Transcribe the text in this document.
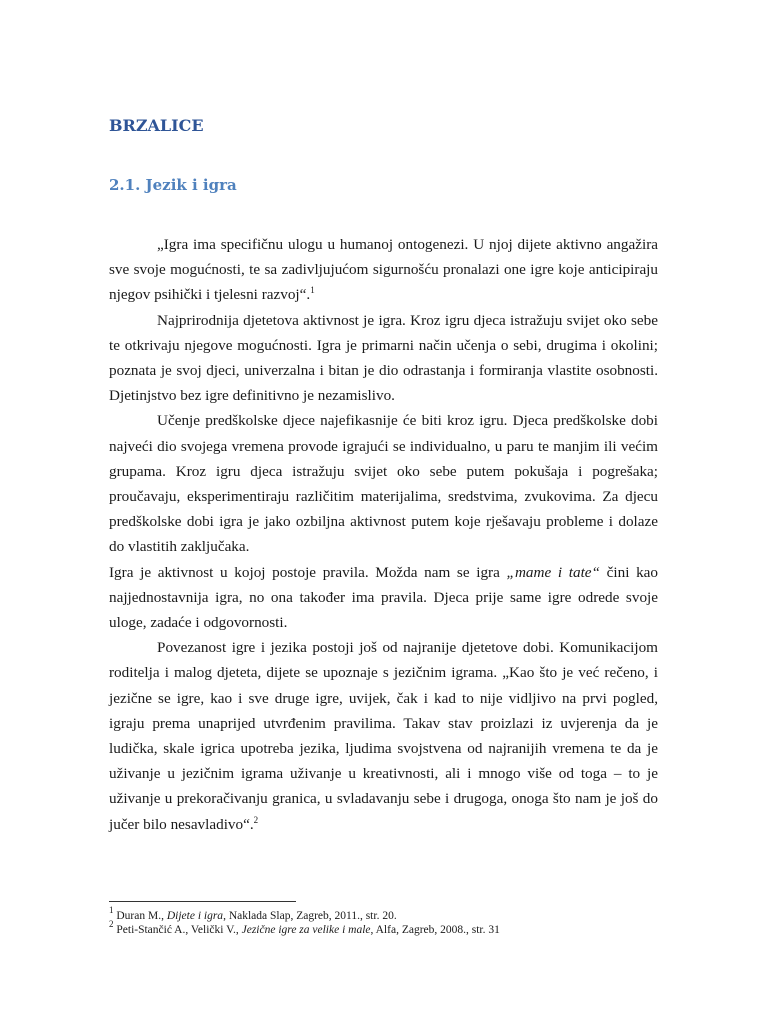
BRZALICE
2.1. Jezik i igra

„Igra ima specifičnu ulogu u humanoj ontogenezi. U njoj dijete aktivno angažira sve svoje mogućnosti, te sa zadivljujućom sigurnošću pronalazi one igre koje anticipiraju njegov psihički i tjelesni razvoj“.$^1$

Najprirodnija djetetova aktivnost je igra. Kroz igru djeca istražuju svijet oko sebe te otkrivaju njegove mogućnosti. Igra je primarni način učenja o sebi, drugima i okolini; poznata je svoj djeci, univerzalna i bitan je dio odrastanja i formiranja vlastite osobnosti. Djetinjstvo bez igre definitivno je nezamislivo.

Učenje predškolske djece najefikasnije će biti kroz igru. Djeca predškolske dobi najveći dio svojega vremena provode igrajući se individualno, u paru te manjim ili većim grupama. Kroz igru djeca istražuju svijet oko sebe putem pokušaja i pogrešaka; proučavaju, eksperimentiraju različitim materijalima, sredstvima, zvukovima. Za djecu predškolske dobi igra je jako ozbiljna aktivnost putem koje rješavaju probleme i dolaze do vlastitih zaključaka.

Igra je aktivnost u kojoj postoje pravila. Možda nam se igra „mame i tate“ čini kao najjednostavnija igra, no ona također ima pravila. Djeca prije same igre odrede svoje uloge, zadaće i odgovornosti.

Povezanost igre i jezika postoji još od najranije djetetove dobi. Komunikacijom roditelja i malog djeteta, dijete se upoznaje s jezičnim igrama. „Kao što je već rečeno, i jezične se igre, kao i sve druge igre, uvijek, čak i kad to nije vidljivo na prvi pogled, igraju prema unaprijed utvrđenim pravilima. Takav stav proizlazi iz uvjerenja da je ludička, skale igrica upotreba jezika, ljudima svojstvena od najranijih vremena te da je uživanje u jezičnim igrama uživanje u kreativnosti, ali i mnogo više od toga – to je uživanje u prekoračivanju granica, u svladavanju sebe i drugoga, onoga što nam je još do jučer bilo nesavladivo“.$^2$

$^1$ Duran M., Dijete i igra, Naklada Slap, Zagreb, 2011., str. 20.
$^2$ Peti-Stančić A., Velički V., Jezične igre za velike i male, Alfa, Zagreb, 2008., str. 31
